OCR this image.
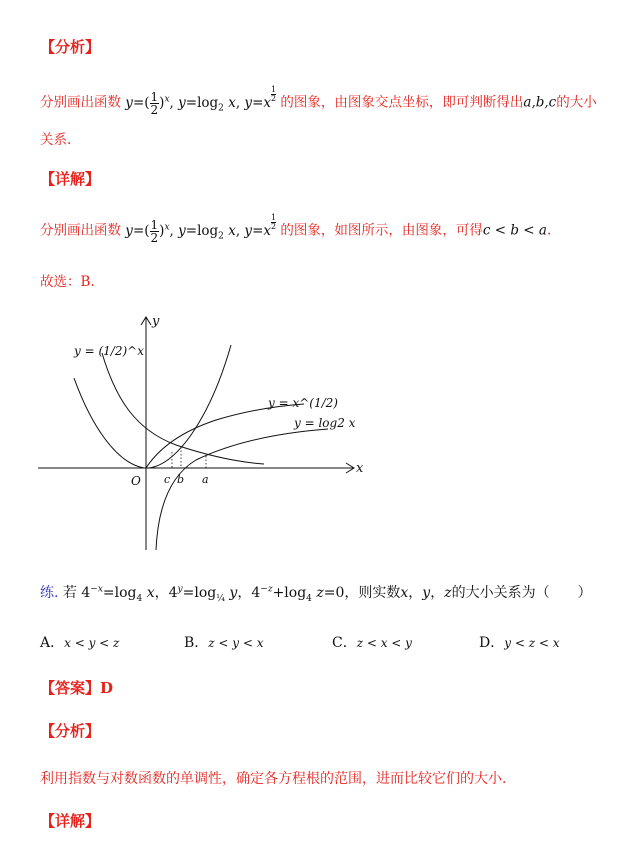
【分析】
分别画出函数 $y=( \frac{1}{2} )^x$, $y=\log_2$ x, $y=x \frac{1}{2}$ 的图象，由图象交点坐标，即可判断得出a,b,c的大小
关系.
【详解】
分别画出函数 $y=( \frac{1}{2} )^x$, $y=\log_2$ x, $y=x \frac{1}{2}$ 的图象，如图所示，由图象，可得c < b < a.
故选：B.
x
y
O c b a
y = (1/2)^x
y = x^(1/2)
y = log2 x
练. 若 $4^{-x}=\log_4$ x，$4^y=\log_{\frac{1}{4}}$ y，$4^{-z}+\log_4$ z=0，则实数x，y，z的大小关系为（　　）
A．x < y < z	B．z < y < x	C．z < x < y	D．y < z < x
【答案】D
【分析】
利用指数与对数函数的单调性，确定各方程根的范围，进而比较它们的大小.
【详解】
